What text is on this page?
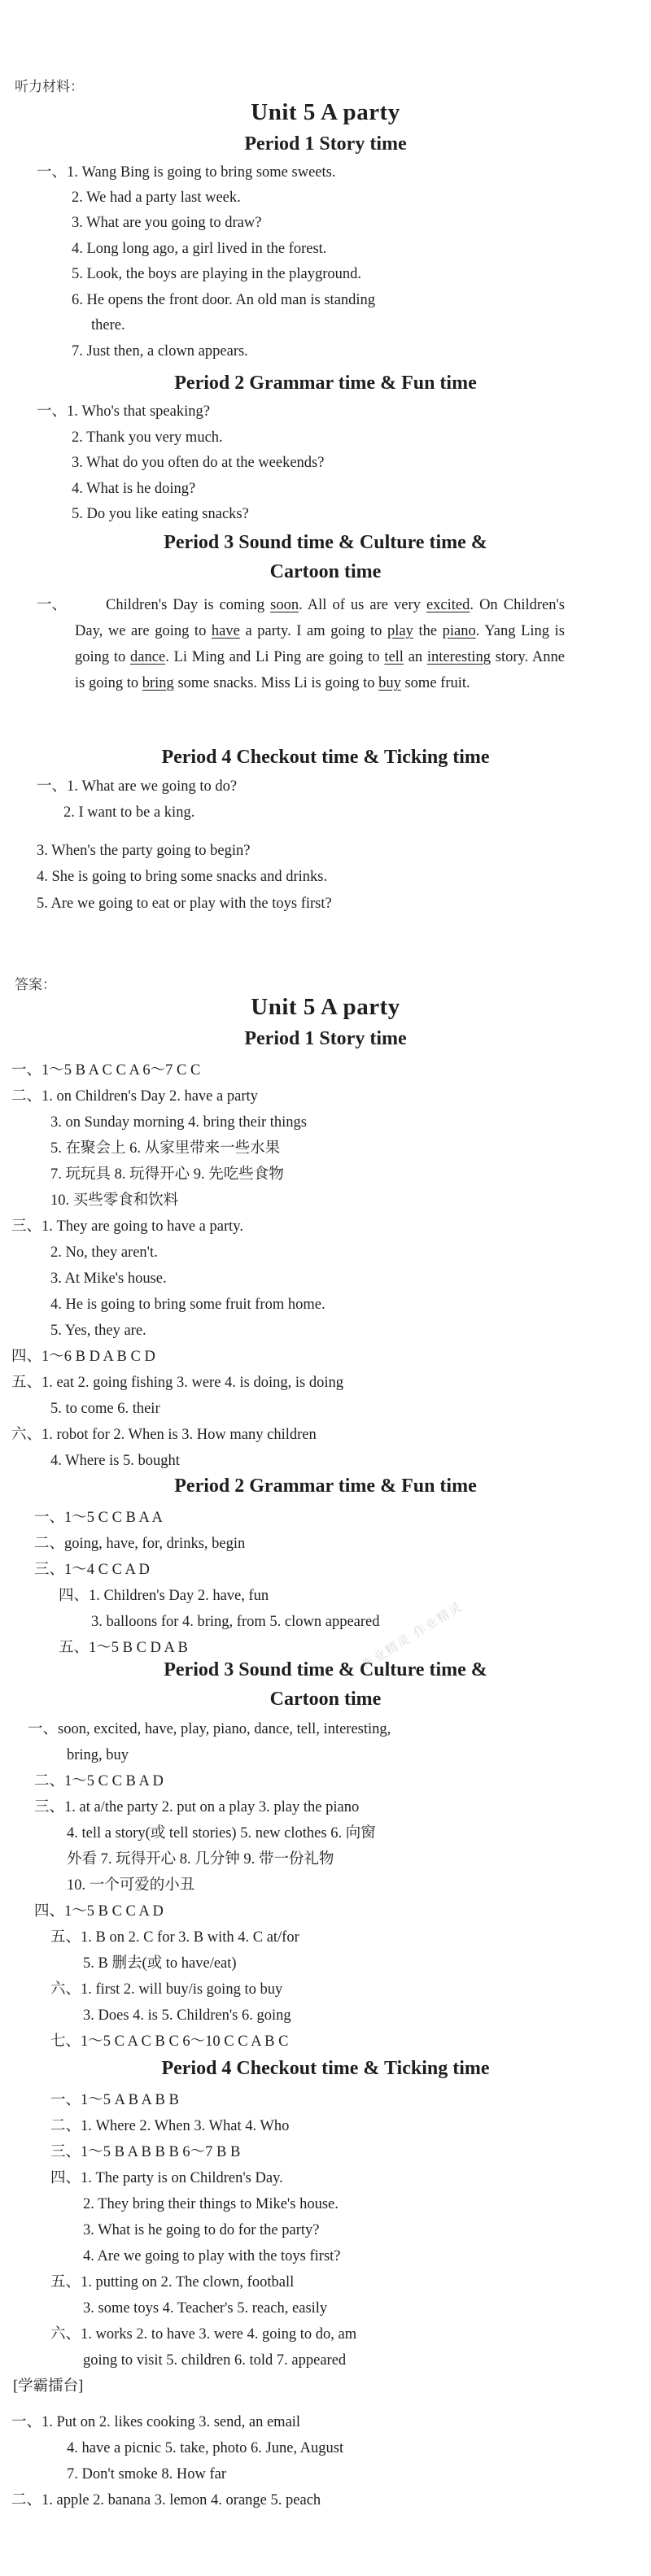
听力材料：
Unit 5 A party
Period 1 Story time
一、1. Wang Bing is going to bring some sweets.
2. We had a party last week.
3. What are you going to draw?
4. Long long ago, a girl lived in the forest.
5. Look, the boys are playing in the playground.
6. He opens the front door. An old man is standing
there.
7. Just then, a clown appears.
Period 2 Grammar time & Fun time
一、1. Who's that speaking?
2. Thank you very much.
3. What do you often do at the weekends?
4. What is he doing?
5. Do you like eating snacks?
Period 3 Sound time & Culture time &
Cartoon time
一、	Children's Day is coming soon. All of us are very excited. On Children's Day, we are going to have a party. I am going to play the piano. Yang Ling is going to dance. Li Ming and Li Ping are going to tell an interesting story. Anne is going to bring some snacks. Miss Li is going to buy some fruit.
Period 4 Checkout time & Ticking time
一、1. What are we going to do?
2. I want to be a king.
3. When's the party going to begin?
4. She is going to bring some snacks and drinks.
5. Are we going to eat or play with the toys first?
答案：
Unit 5 A party
Period 1 Story time
一、1～5 B A C C A 6～7 C C
二、1. on Children's Day 2. have a party
3. on Sunday morning 4. bring their things
5. 在聚会上 6. 从家里带来一些水果
7. 玩玩具 8. 玩得开心 9. 先吃些食物
10. 买些零食和饮料
三、1. They are going to have a party.
2. No, they aren't.
3. At Mike's house.
4. He is going to bring some fruit from home.
5. Yes, they are.
四、1～6 B D A B C D
五、1. eat 2. going fishing 3. were 4. is doing, is doing
5. to come 6. their
六、1. robot for 2. When is 3. How many children
4. Where is 5. bought
Period 2 Grammar time & Fun time
一、1～5 C C B A A
二、going, have, for, drinks, begin
三、1～4 C C A D
四、1. Children's Day 2. have, fun
3. balloons for 4. bring, from 5. clown appeared
五、1～5 B C D A B
Period 3 Sound time & Culture time &
Cartoon time
一、soon, excited, have, play, piano, dance, tell, interesting,
bring, buy
二、1～5 C C B A D
三、1. at a/the party 2. put on a play 3. play the piano
4. tell a story(或 tell stories) 5. new clothes 6. 向窗
外看 7. 玩得开心 8. 几分钟 9. 带一份礼物
10. 一个可爱的小丑
四、1～5 B C C A D
五、1. B on 2. C for 3. B with 4. C at/for
5. B 删去(或 to have/eat)
六、1. first 2. will buy/is going to buy
3. Does 4. is 5. Children's 6. going
七、1～5 C A C B C 6～10 C C A B C
Period 4 Checkout time & Ticking time
一、1～5 A B A B B
二、1. Where 2. When 3. What 4. Who
三、1～5 B A B B B 6～7 B B
四、1. The party is on Children's Day.
2. They bring their things to Mike's house.
3. What is he going to do for the party?
4. Are we going to play with the toys first?
五、1. putting on 2. The clown, football
3. some toys 4. Teacher's 5. reach, easily
六、1. works 2. to have 3. were 4. going to do, am
going to visit 5. children 6. told 7. appeared
[学霸擂台]
一、1. Put on 2. likes cooking 3. send, an email
4. have a picnic 5. take, photo 6. June, August
7. Don't smoke 8. How far
二、1. apple 2. banana 3. lemon 4. orange 5. peach
作业精灵 作业精灵
